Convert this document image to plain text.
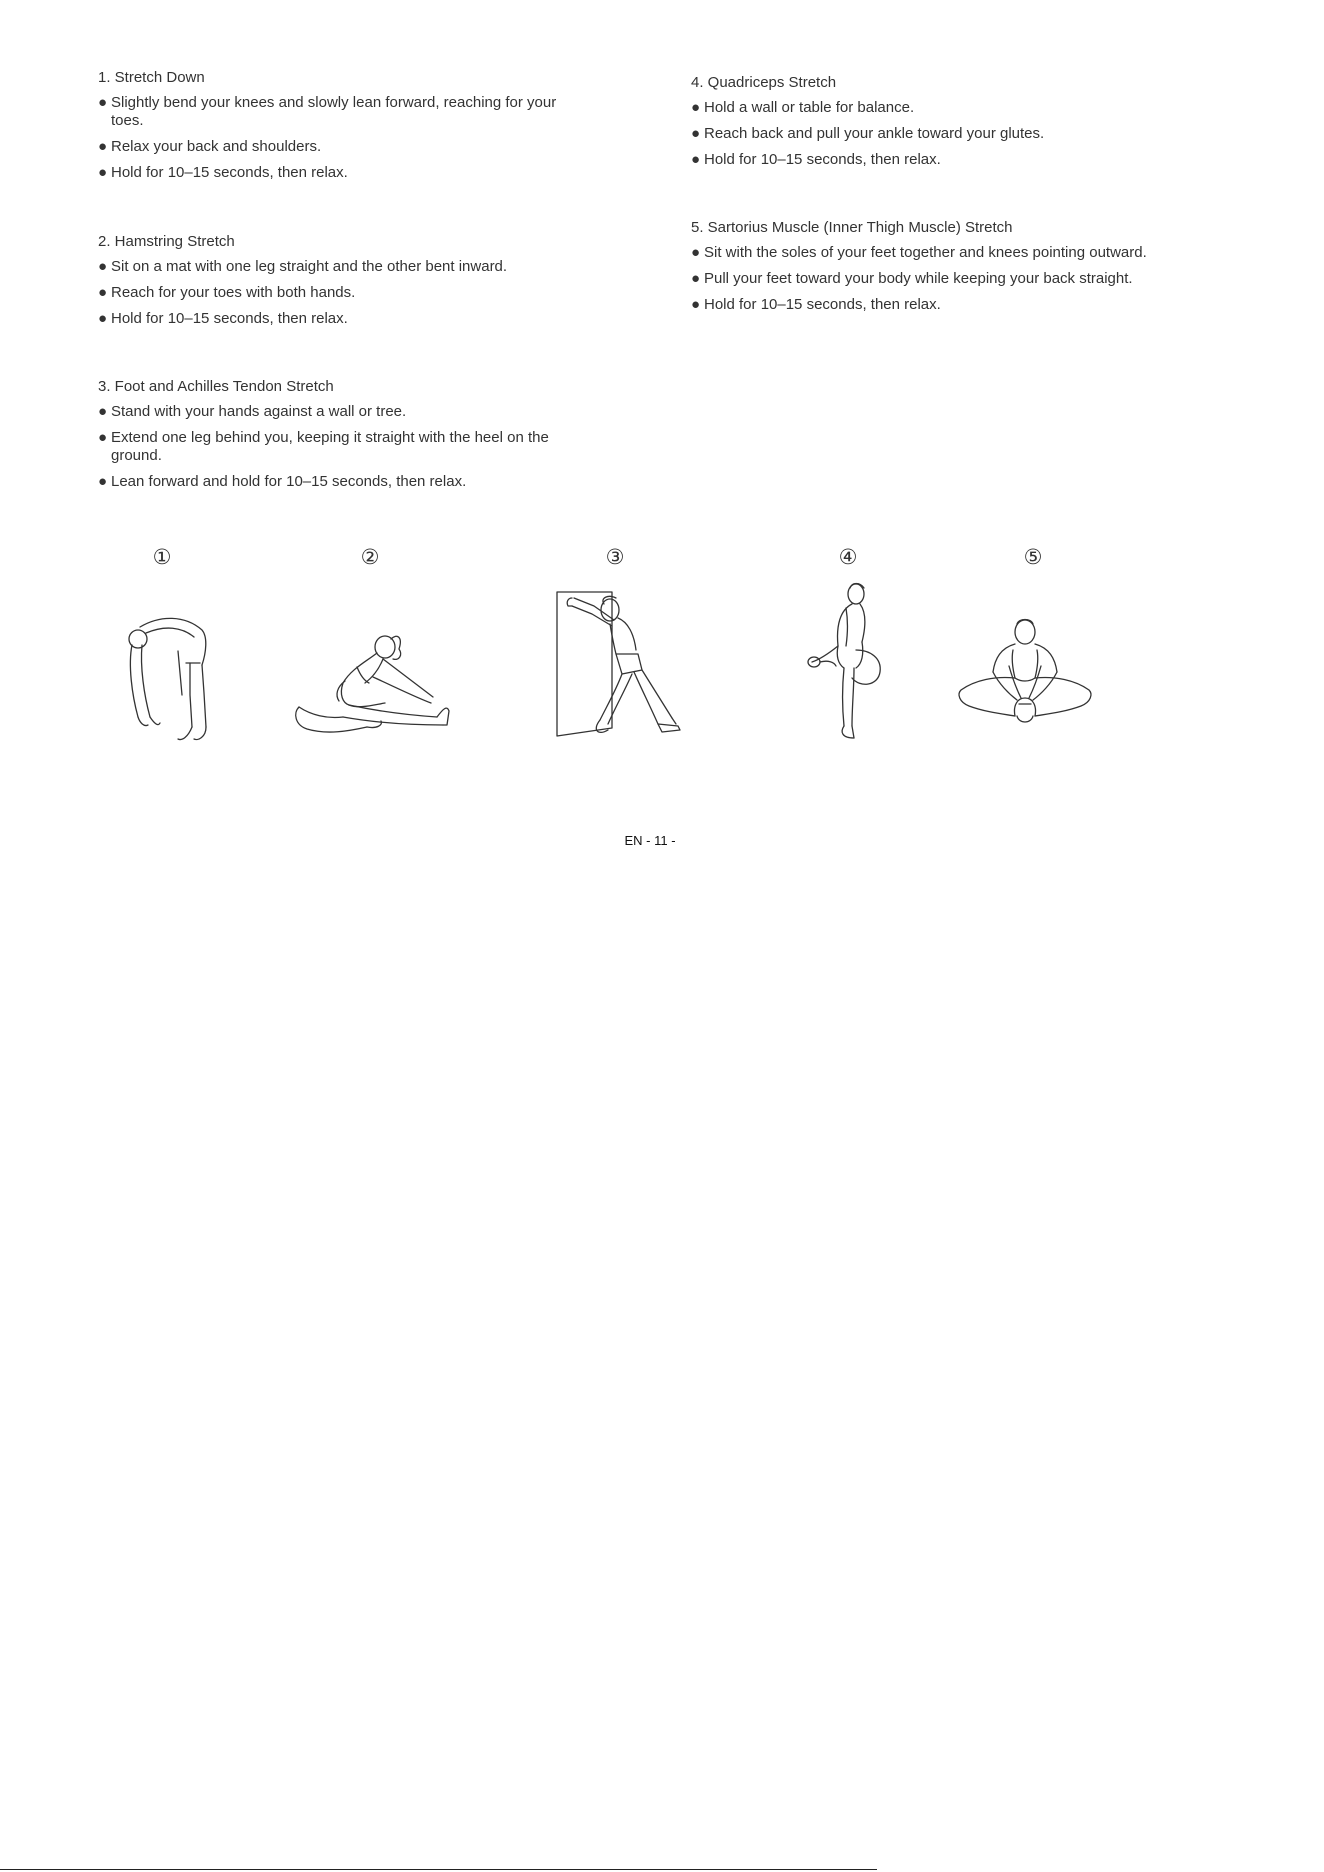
1. Stretch Down

● Slightly bend your knees and slowly lean forward, reaching for your toes.

● Relax your back and shoulders.

● Hold for 10–15 seconds, then relax.

2. Hamstring Stretch

● Sit on a mat with one leg straight and the other bent inward.

● Reach for your toes with both hands.

● Hold for 10–15 seconds, then relax.

3. Foot and Achilles Tendon Stretch

● Stand with your hands against a wall or tree.

● Extend one leg behind you, keeping it straight with the heel on the ground.

● Lean forward and hold for 10–15 seconds, then relax.

4. Quadriceps Stretch

● Hold a wall or table for balance.

● Reach back and pull your ankle toward your glutes.

● Hold for 10–15 seconds, then relax.

5. Sartorius Muscle (Inner Thigh Muscle) Stretch

● Sit with the soles of your feet together and knees pointing outward.

● Pull your feet toward your body while keeping your back straight.

● Hold for 10–15 seconds, then relax.

①	②	③	④	⑤
EN - 11 -
